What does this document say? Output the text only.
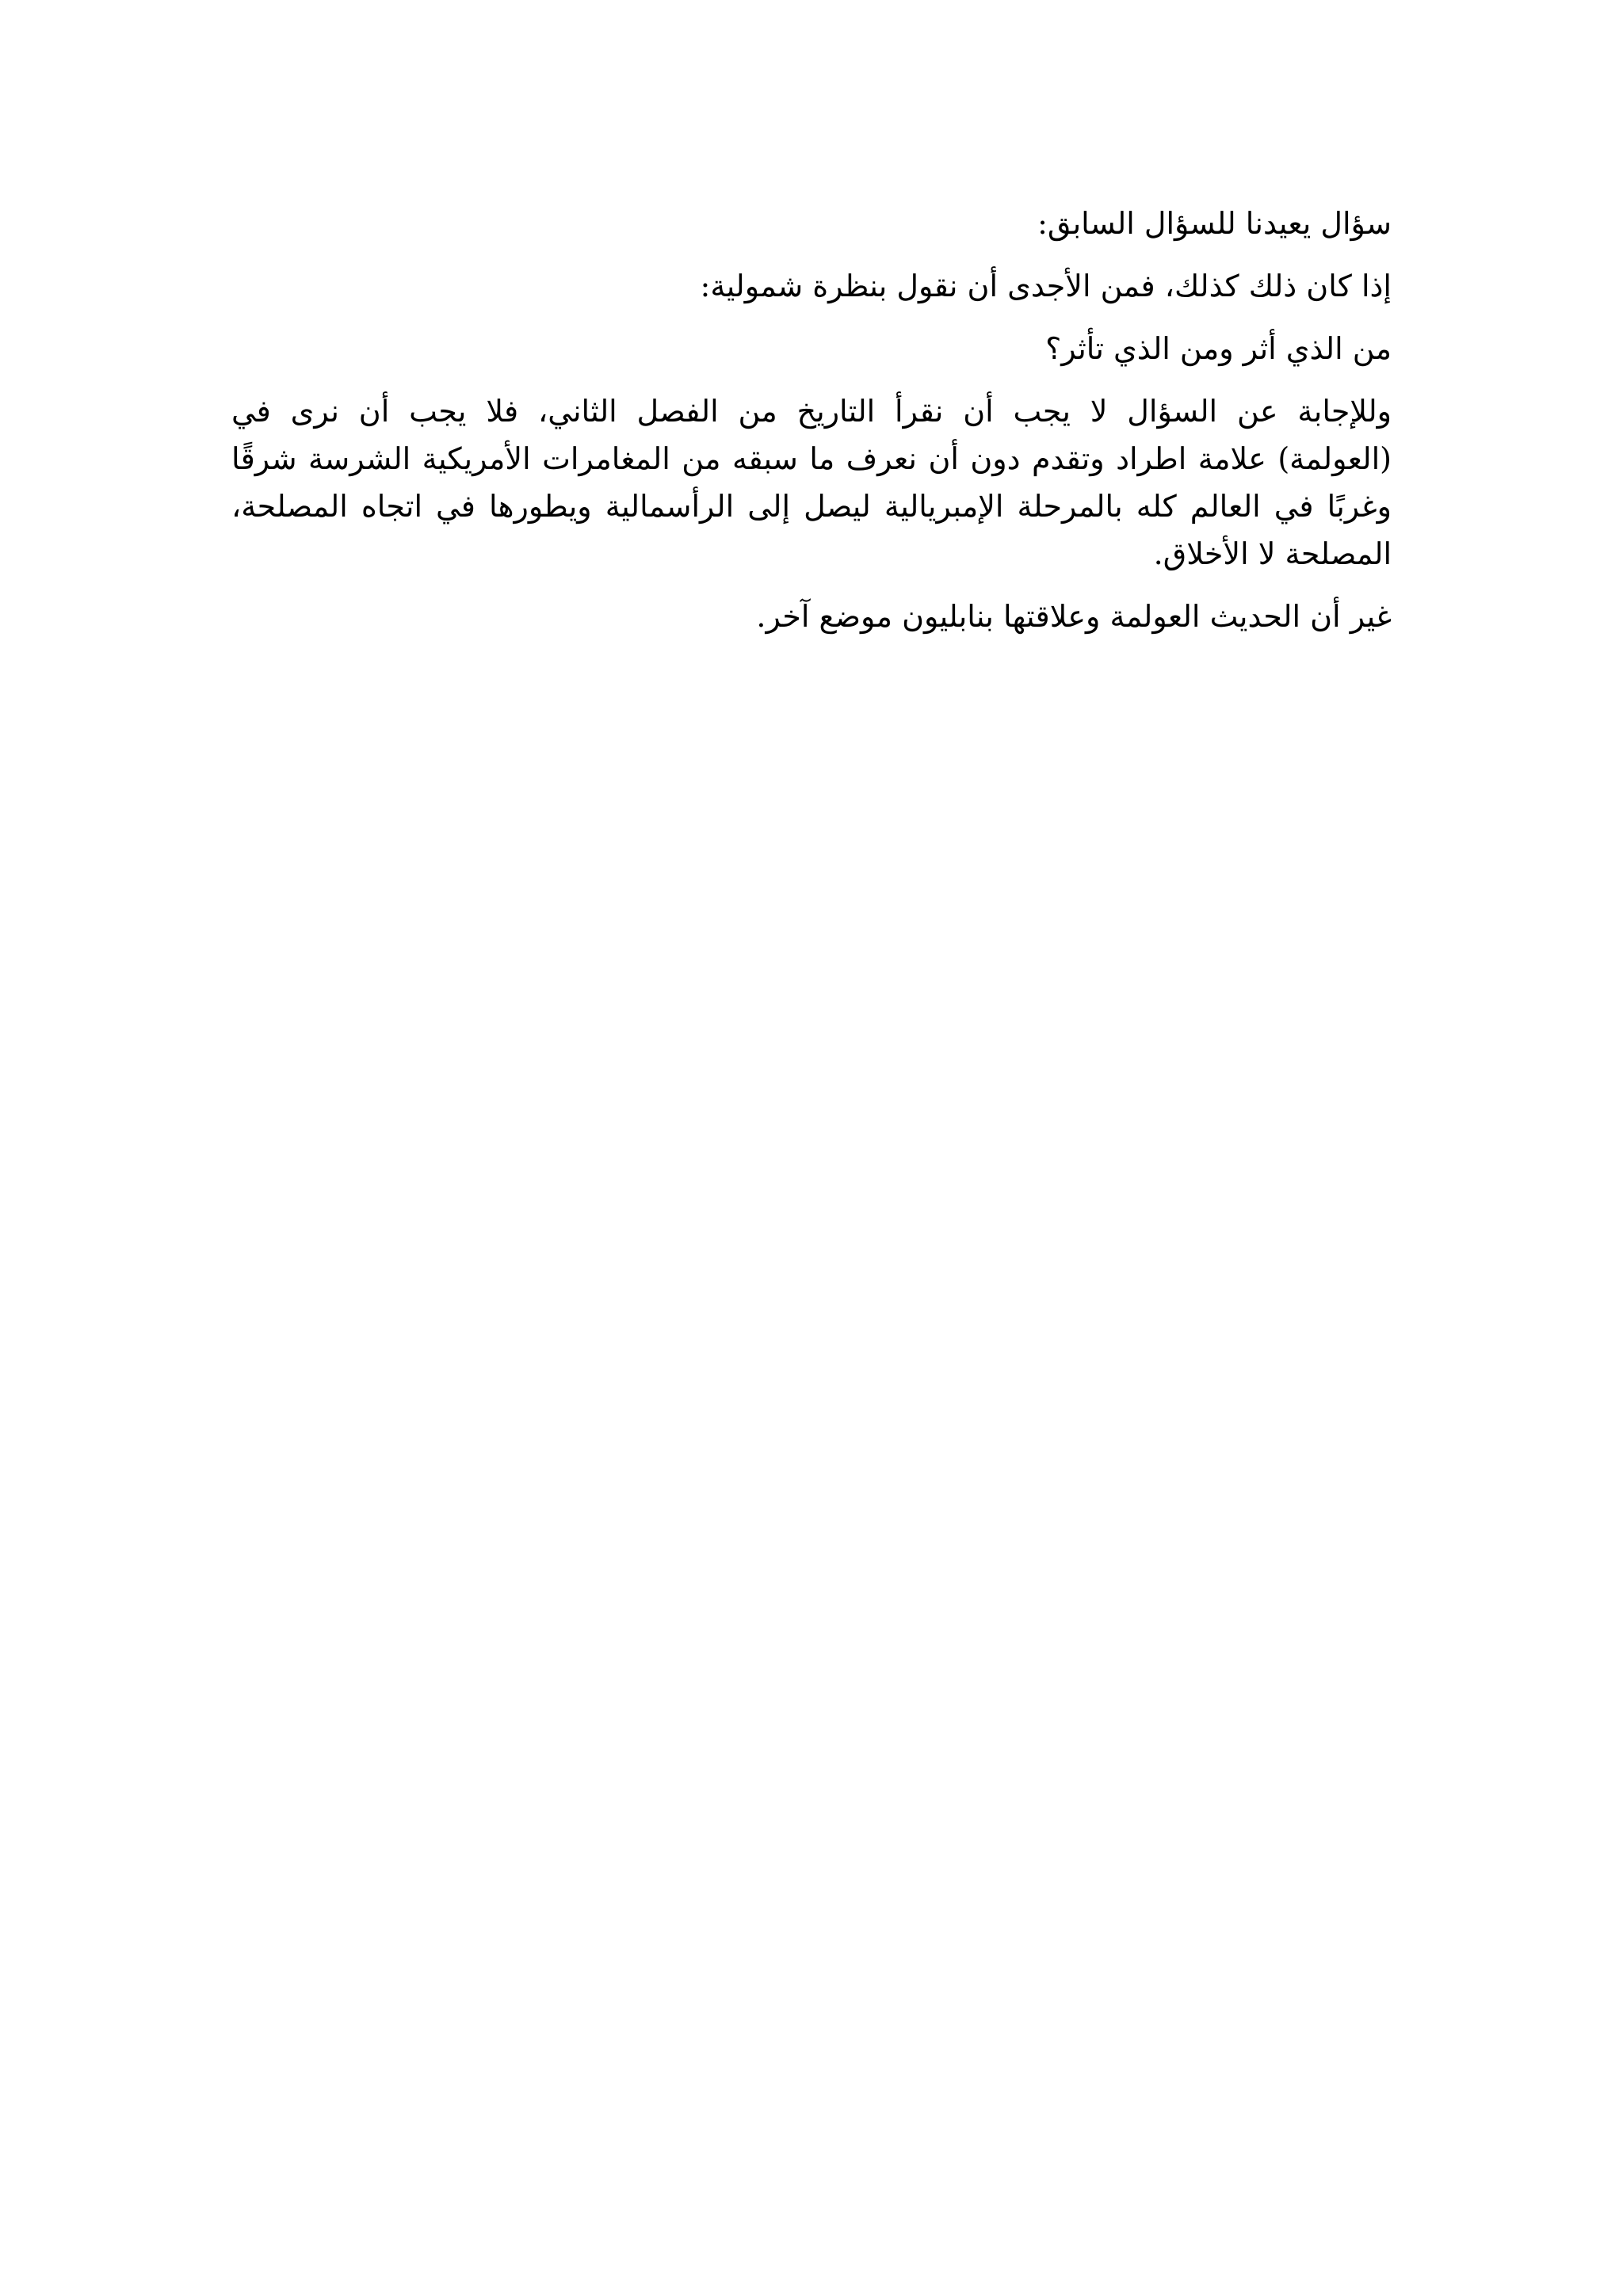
سؤال يعيدنا للسؤال السابق:

إذا كان ذلك كذلك، فمن الأجدى أن نقول بنظرة شمولية:

من الذي أثر ومن الذي تأثر؟

وللإجابة عن السؤال لا يجب أن نقرأ التاريخ من الفصل الثاني، فلا يجب أن نرى في
(العولمة) علامة اطراد وتقدم دون أن نعرف ما سبقه من المغامرات الأمريكية الشرسة شرقًا
وغربًا في العالم كله بالمرحلة الإمبريالية ليصل إلى الرأسمالية ويطورها في اتجاه المصلحة،
المصلحة لا الأخلاق.

غير أن الحديث العولمة وعلاقتها بنابليون موضع آخر.
